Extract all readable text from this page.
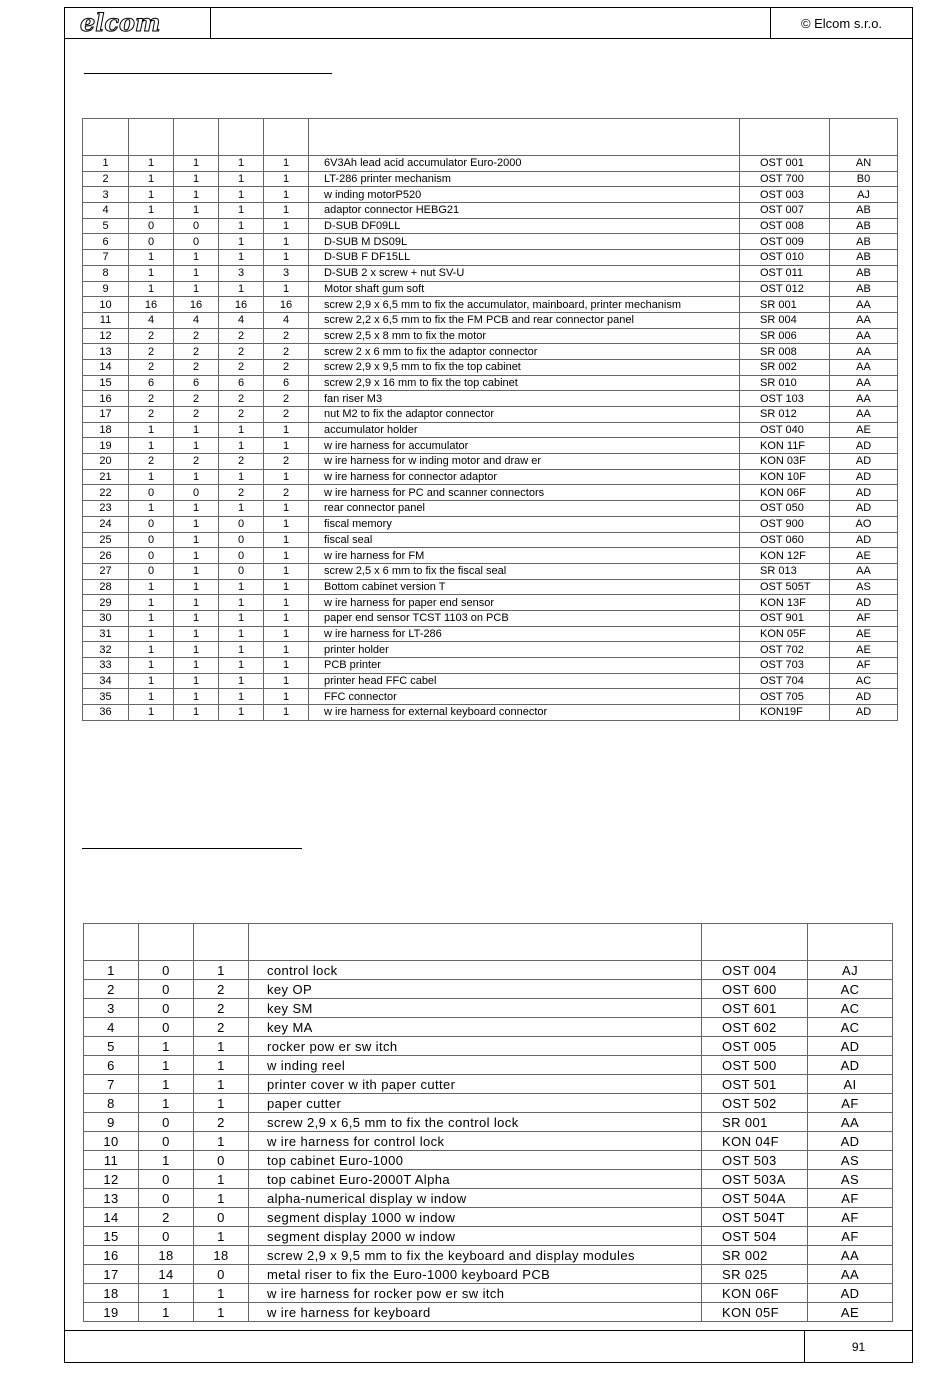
elcom	© Elcom s.r.o.
91

1	1	1	1	1	6V3Ah lead acid accumulator Euro-2000	OST 001	AN
2	1	1	1	1	LT-286 printer mechanism	OST 700	B0
3	1	1	1	1	w inding motorP520	OST 003	AJ
4	1	1	1	1	adaptor connector HEBG21	OST 007	AB
5	0	0	1	1	D-SUB DF09LL	OST 008	AB
6	0	0	1	1	D-SUB M DS09L	OST 009	AB
7	1	1	1	1	D-SUB F DF15LL	OST 010	AB
8	1	1	3	3	D-SUB 2 x screw + nut SV-U	OST 011	AB
9	1	1	1	1	Motor shaft gum soft	OST 012	AB
10	16	16	16	16	screw 2,9 x 6,5 mm to fix the accumulator, mainboard, printer mechanism	SR 001	AA
11	4	4	4	4	screw 2,2 x 6,5 mm to fix the FM PCB and rear connector panel	SR 004	AA
12	2	2	2	2	screw 2,5 x 8 mm to fix the motor	SR 006	AA
13	2	2	2	2	screw 2 x 6 mm to fix the adaptor connector	SR 008	AA
14	2	2	2	2	screw 2,9 x 9,5 mm to fix the top cabinet	SR 002	AA
15	6	6	6	6	screw 2,9 x 16 mm to fix the top cabinet	SR 010	AA
16	2	2	2	2	fan riser M3	OST 103	AA
17	2	2	2	2	nut M2 to fix the adaptor connector	SR 012	AA
18	1	1	1	1	accumulator holder	OST 040	AE
19	1	1	1	1	w ire harness for accumulator	KON 11F	AD
20	2	2	2	2	w ire harness for w inding motor and draw er	KON 03F	AD
21	1	1	1	1	w ire harness for connector adaptor	KON 10F	AD
22	0	0	2	2	w ire harness for PC and scanner connectors	KON 06F	AD
23	1	1	1	1	rear connector panel	OST 050	AD
24	0	1	0	1	fiscal memory	OST 900	AO
25	0	1	0	1	fiscal seal	OST 060	AD
26	0	1	0	1	w ire harness for FM	KON 12F	AE
27	0	1	0	1	screw 2,5 x 6 mm to fix the fiscal seal	SR 013	AA
28	1	1	1	1	Bottom cabinet version T	OST 505T	AS
29	1	1	1	1	w ire harness for paper end sensor	KON 13F	AD
30	1	1	1	1	paper end sensor TCST 1103 on PCB	OST 901	AF
31	1	1	1	1	w ire harness for LT-286	KON 05F	AE
32	1	1	1	1	printer holder	OST 702	AE
33	1	1	1	1	PCB printer	OST 703	AF
34	1	1	1	1	printer head FFC cabel	OST 704	AC
35	1	1	1	1	FFC connector	OST 705	AD
36	1	1	1	1	w ire harness for external keyboard connector	KON19F	AD

1	0	1	control lock	OST 004	AJ
2	0	2	key OP	OST 600	AC
3	0	2	key SM	OST 601	AC
4	0	2	key MA	OST 602	AC
5	1	1	rocker pow er sw itch	OST 005	AD
6	1	1	w inding reel	OST 500	AD
7	1	1	printer cover w ith paper cutter	OST 501	AI
8	1	1	paper cutter	OST 502	AF
9	0	2	screw 2,9 x 6,5 mm to fix the control lock	SR 001	AA
10	0	1	w ire harness for control lock	KON 04F	AD
11	1	0	top cabinet Euro-1000	OST 503	AS
12	0	1	top cabinet Euro-2000T Alpha	OST 503A	AS
13	0	1	alpha-numerical display w indow	OST 504A	AF
14	2	0	segment display 1000 w indow	OST 504T	AF
15	0	1	segment display 2000 w indow	OST 504	AF
16	18	18	screw 2,9 x 9,5 mm to fix the keyboard and display modules	SR 002	AA
17	14	0	metal riser to fix the Euro-1000 keyboard PCB	SR 025	AA
18	1	1	w ire harness for rocker pow er sw itch	KON 06F	AD
19	1	1	w ire harness for keyboard	KON 05F	AE
